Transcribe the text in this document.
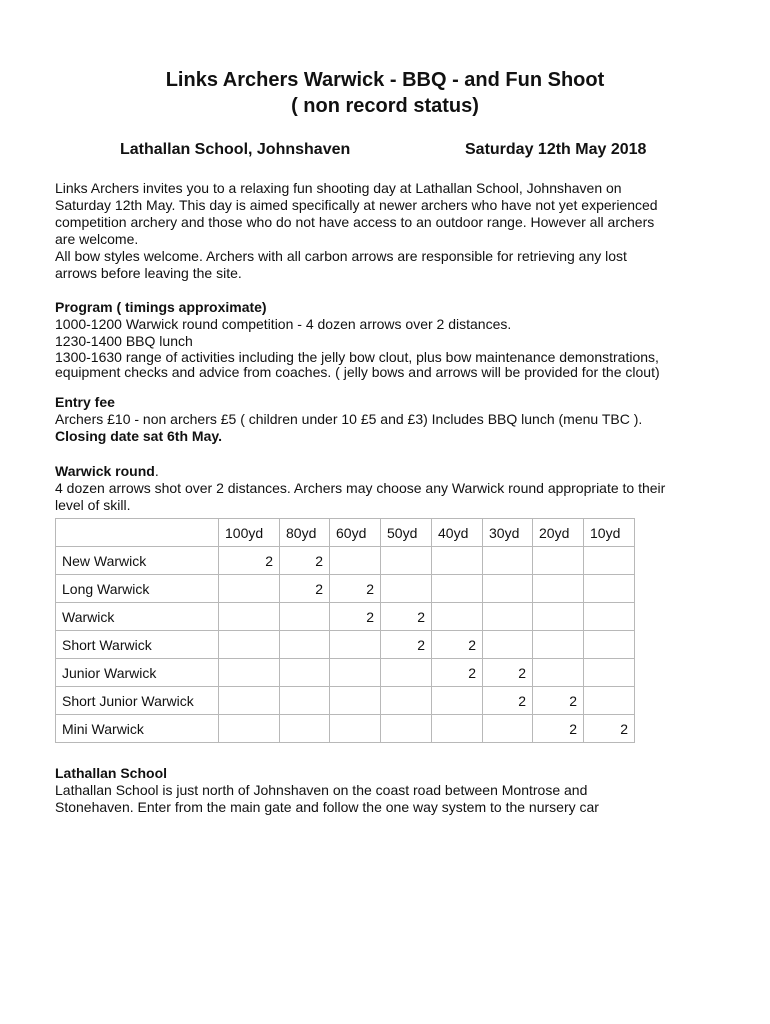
Links Archers Warwick - BBQ - and Fun Shoot
( non record status)
Lathallan School, Johnshaven	Saturday 12th May 2018
Links Archers invites you to a relaxing fun shooting day at Lathallan School, Johnshaven on
Saturday 12th May. This day is aimed specifically at newer archers who have not yet experienced
competition archery and those who do not have access to an outdoor range. However all archers
are welcome.
All bow styles welcome. Archers with all carbon arrows are responsible for retrieving any lost
arrows before leaving the site.
Program ( timings approximate)
1000-1200 Warwick round competition - 4 dozen arrows over 2 distances.
1230-1400 BBQ lunch
1300-1630 range of activities including the jelly bow clout, plus bow maintenance demonstrations,
equipment checks and advice from coaches. ( jelly bows and arrows will be provided for the clout)
Entry fee
Archers £10 - non archers £5 ( children under 10 £5 and £3) Includes BBQ lunch (menu TBC ).
Closing date sat 6th May.
Warwick round.
4 dozen arrows shot over 2 distances. Archers may choose any Warwick round appropriate to their
level of skill.
	100yd	80yd	60yd	50yd	40yd	30yd	20yd	10yd
New Warwick	2	2						
Long Warwick		2	2					
Warwick			2	2				
Short Warwick				2	2			
Junior Warwick					2	2		
Short Junior Warwick						2	2	
Mini Warwick							2	2
Lathallan School
Lathallan School is just north of Johnshaven on the coast road between Montrose and
Stonehaven. Enter from the main gate and follow the one way system to the nursery car
